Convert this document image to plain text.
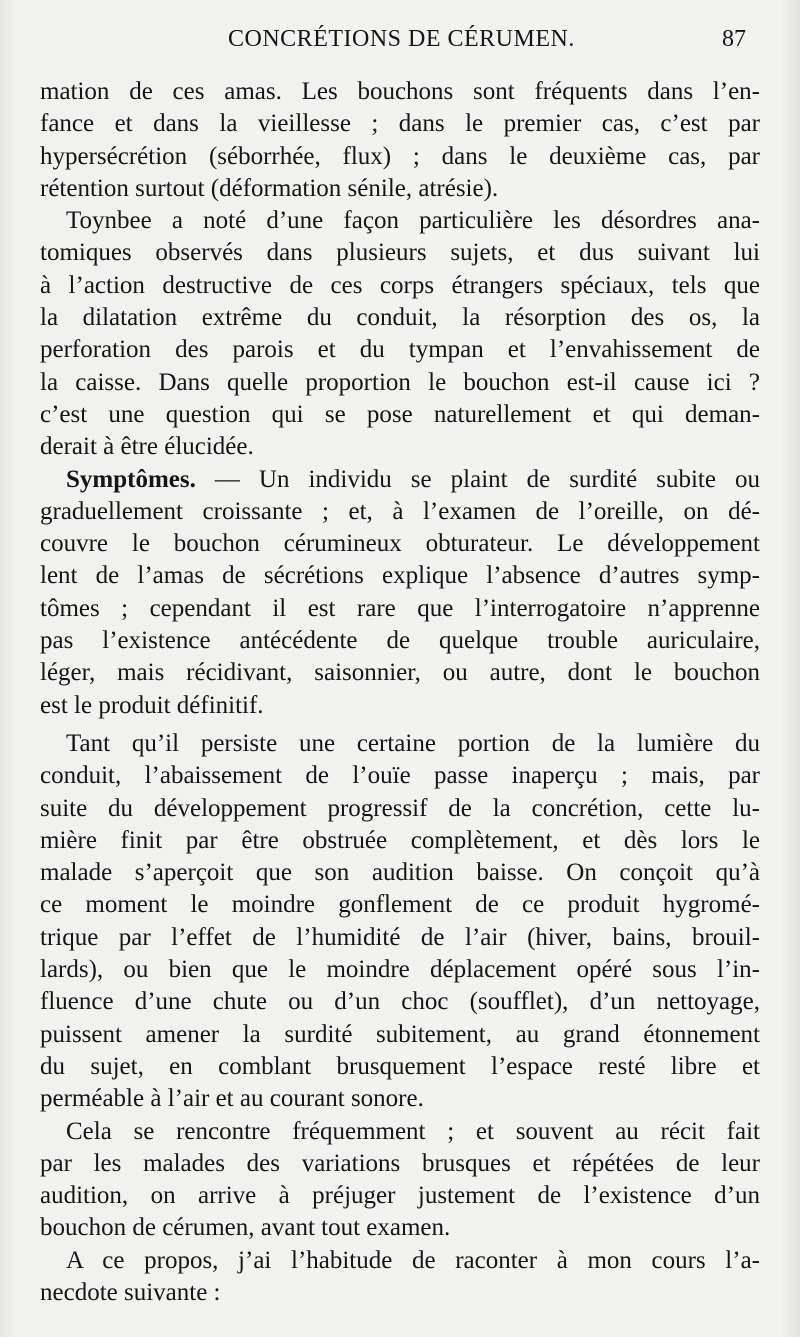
CONCRÉTIONS DE CÉRUMEN.	87
mation de ces amas. Les bouchons sont fréquents dans l’en-
fance et dans la vieillesse ; dans le premier cas, c’est par
hypersécrétion (séborrhée, flux) ; dans le deuxième cas, par
rétention surtout (déformation sénile, atrésie).
Toynbee a noté d’une façon particulière les désordres ana-
tomiques observés dans plusieurs sujets, et dus suivant lui
à l’action destructive de ces corps étrangers spéciaux, tels que
la dilatation extrême du conduit, la résorption des os, la
perforation des parois et du tympan et l’envahissement de
la caisse. Dans quelle proportion le bouchon est-il cause ici ?
c’est une question qui se pose naturellement et qui deman-
derait à être élucidée.
Symptômes. — Un individu se plaint de surdité subite ou
graduellement croissante ; et, à l’examen de l’oreille, on dé-
couvre le bouchon cérumineux obturateur. Le développement
lent de l’amas de sécrétions explique l’absence d’autres symp-
tômes ; cependant il est rare que l’interrogatoire n’apprenne
pas l’existence antécédente de quelque trouble auriculaire,
léger, mais récidivant, saisonnier, ou autre, dont le bouchon
est le produit définitif.
Tant qu’il persiste une certaine portion de la lumière du
conduit, l’abaissement de l’ouïe passe inaperçu ; mais, par
suite du développement progressif de la concrétion, cette lu-
mière finit par être obstruée complètement, et dès lors le
malade s’aperçoit que son audition baisse. On conçoit qu’à
ce moment le moindre gonflement de ce produit hygromé-
trique par l’effet de l’humidité de l’air (hiver, bains, brouil-
lards), ou bien que le moindre déplacement opéré sous l’in-
fluence d’une chute ou d’un choc (soufflet), d’un nettoyage,
puissent amener la surdité subitement, au grand étonnement
du sujet, en comblant brusquement l’espace resté libre et
perméable à l’air et au courant sonore.
Cela se rencontre fréquemment ; et souvent au récit fait
par les malades des variations brusques et répétées de leur
audition, on arrive à préjuger justement de l’existence d’un
bouchon de cérumen, avant tout examen.
A ce propos, j’ai l’habitude de raconter à mon cours l’a-
necdote suivante :
